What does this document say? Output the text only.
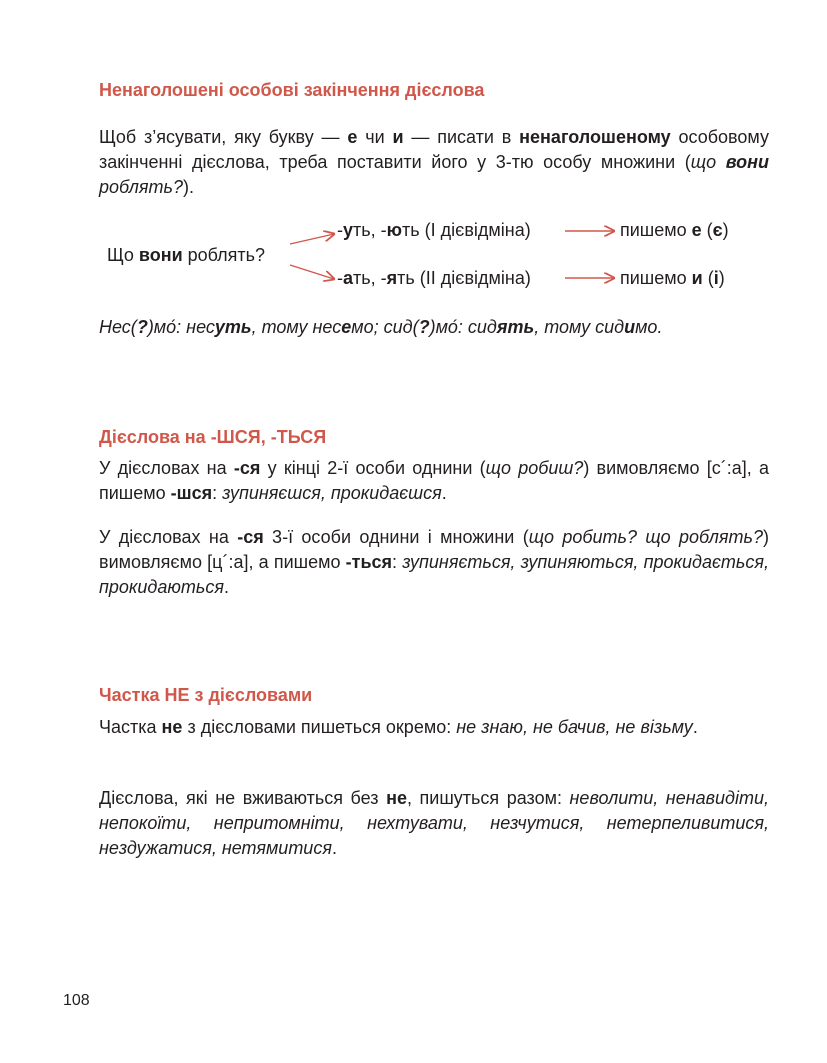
Ненаголошені особові закінчення дієслова

Щоб з’ясувати, яку букву — е чи и — писати в ненаголошеному особовому закінченні дієслова, треба поставити його у 3-тю особу множини (що вони роблять?).

Що вони роблять?
-уть, -ють (І дієвідміна)	пишемо е (є)
-ать, -ять (ІІ дієвідміна)	пишемо и (і)

Нес(?)мо́: несуть, тому несемо; сид(?)мо́: сидять, тому сидимо.

Дієслова на -ШСЯ, -ТЬСЯ

У дієсловах на -ся у кінці 2-ї особи однини (що робиш?) вимовляємо [с´:а], а пишемо -шся: зупиняєшся, прокидаєшся.

У дієсловах на -ся 3-ї особи однини і множини (що робить? що роблять?) вимовляємо [ц´:а], а пишемо -ться: зупиняється, зупиняються, прокидається, прокидаються.

Частка НЕ з дієсловами

Частка не з дієсловами пишеться окремо: не знаю, не бачив, не візьму.

Дієслова, які не вживаються без не, пишуться разом: неволити, ненавидіти, непокоїти, непритомніти, нехтувати, незчутися, нетерпеливитися, нездужатися, нетямитися.

108
